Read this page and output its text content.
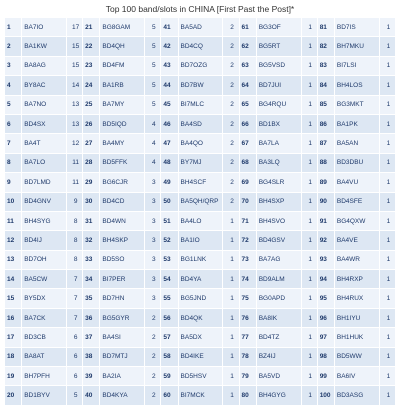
Top 100 band/slots in CHINA [First Past the Post]*
1	BA7IO	17	21	BG8GAM	5	41	BA5AD	2	61	BG3OF	1	81	BD7IS	1
2	BA1KW	15	22	BD4QH	5	42	BD4CQ	2	62	BG5RT	1	82	BH7MKU	1
3	BA8AG	15	23	BD4FM	5	43	BD7OZG	2	63	BG5VSD	1	83	BI7LSI	1
4	BY8AC	14	24	BA1RB	5	44	BD7BW	2	64	BD7JUI	1	84	BH4LOS	1
5	BA7NO	13	25	BA7MY	5	45	BI7MLC	2	65	BG4RQU	1	85	BG3MKT	1
6	BD4SX	13	26	BD5IQD	4	46	BA4SD	2	66	BD1BX	1	86	BA1PK	1
7	BA4T	12	27	BA4MY	4	47	BA4QO	2	67	BA7LA	1	87	BA5AN	1
8	BA7LO	11	28	BD5FFK	4	48	BY7MJ	2	68	BA3LQ	1	88	BD3DBU	1
9	BD7LMD	11	29	BG6CJR	3	49	BH4SCF	2	69	BG4SLR	1	89	BA4VU	1
10	BD4GNV	9	30	BD4CD	3	50	BA5QH/QRP	2	70	BH4SXP	1	90	BD4SFE	1
11	BH4SYG	8	31	BD4WN	3	51	BA4LO	1	71	BH4SVO	1	91	BG4QXW	1
12	BD4IJ	8	32	BH4SKP	3	52	BA1IO	1	72	BD4GSV	1	92	BA4VE	1
13	BD7OH	8	33	BD5SO	3	53	BG1LNK	1	73	BA7AG	1	93	BA4WR	1
14	BA5CW	7	34	BI7PER	3	54	BD4YA	1	74	BD9ALM	1	94	BH4RXP	1
15	BY5DX	7	35	BD7HN	3	55	BG5JND	1	75	BG0APD	1	95	BH4RUX	1
16	BA7CK	7	36	BG5GYR	2	56	BD4QK	1	76	BA8IK	1	96	BH1IYU	1
17	BD3CB	6	37	BA4SI	2	57	BA5DX	1	77	BD4TZ	1	97	BH1HUK	1
18	BA8AT	6	38	BD7MTJ	2	58	BD4IKE	1	78	BZ4IJ	1	98	BD5WW	1
19	BH7PFH	6	39	BA2IA	2	59	BD5HSV	1	79	BA5VD	1	99	BA6IV	1
20	BD1BYV	5	40	BD4KYA	2	60	BI7MCK	1	80	BH4GYG	1	100	BD3ASG	1
